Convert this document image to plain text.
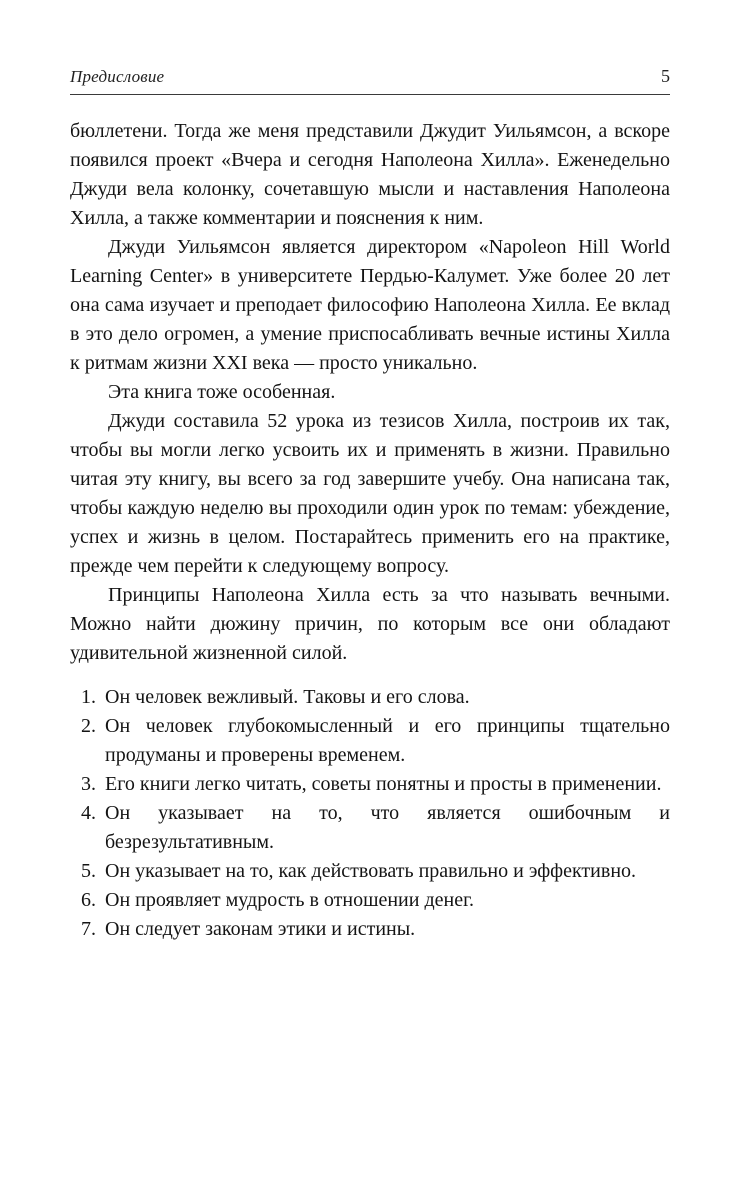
Предисловие	5

бюллетени. Тогда же меня представили Джудит Уильямсон, а вскоре появился проект «Вчера и сегодня Наполеона Хилла». Еженедельно Джуди вела колонку, сочетавшую мысли и наставления Наполеона Хилла, а также комментарии и пояснения к ним.

Джуди Уильямсон является директором «Napoleon Hill World Learning Center» в университете Пердью-Калумет. Уже более 20 лет она сама изучает и преподает философию Наполеона Хилла. Ее вклад в это дело огромен, а умение приспосабливать вечные истины Хилла к ритмам жизни XXI века — просто уникально.

Эта книга тоже особенная.

Джуди составила 52 урока из тезисов Хилла, построив их так, чтобы вы могли легко усвоить их и применять в жизни. Правильно читая эту книгу, вы всего за год завершите учебу. Она написана так, чтобы каждую неделю вы проходили один урок по темам: убеждение, успех и жизнь в целом. Постарайтесь применить его на практике, прежде чем перейти к следующему вопросу.

Принципы Наполеона Хилла есть за что называть вечными. Можно найти дюжину причин, по которым все они обладают удивительной жизненной силой.

1. Он человек вежливый. Таковы и его слова.
2. Он человек глубокомысленный и его принципы тщательно продуманы и проверены временем.
3. Его книги легко читать, советы понятны и просты в применении.
4. Он указывает на то, что является ошибочным и безрезультативным.
5. Он указывает на то, как действовать правильно и эффективно.
6. Он проявляет мудрость в отношении денег.
7. Он следует законам этики и истины.
